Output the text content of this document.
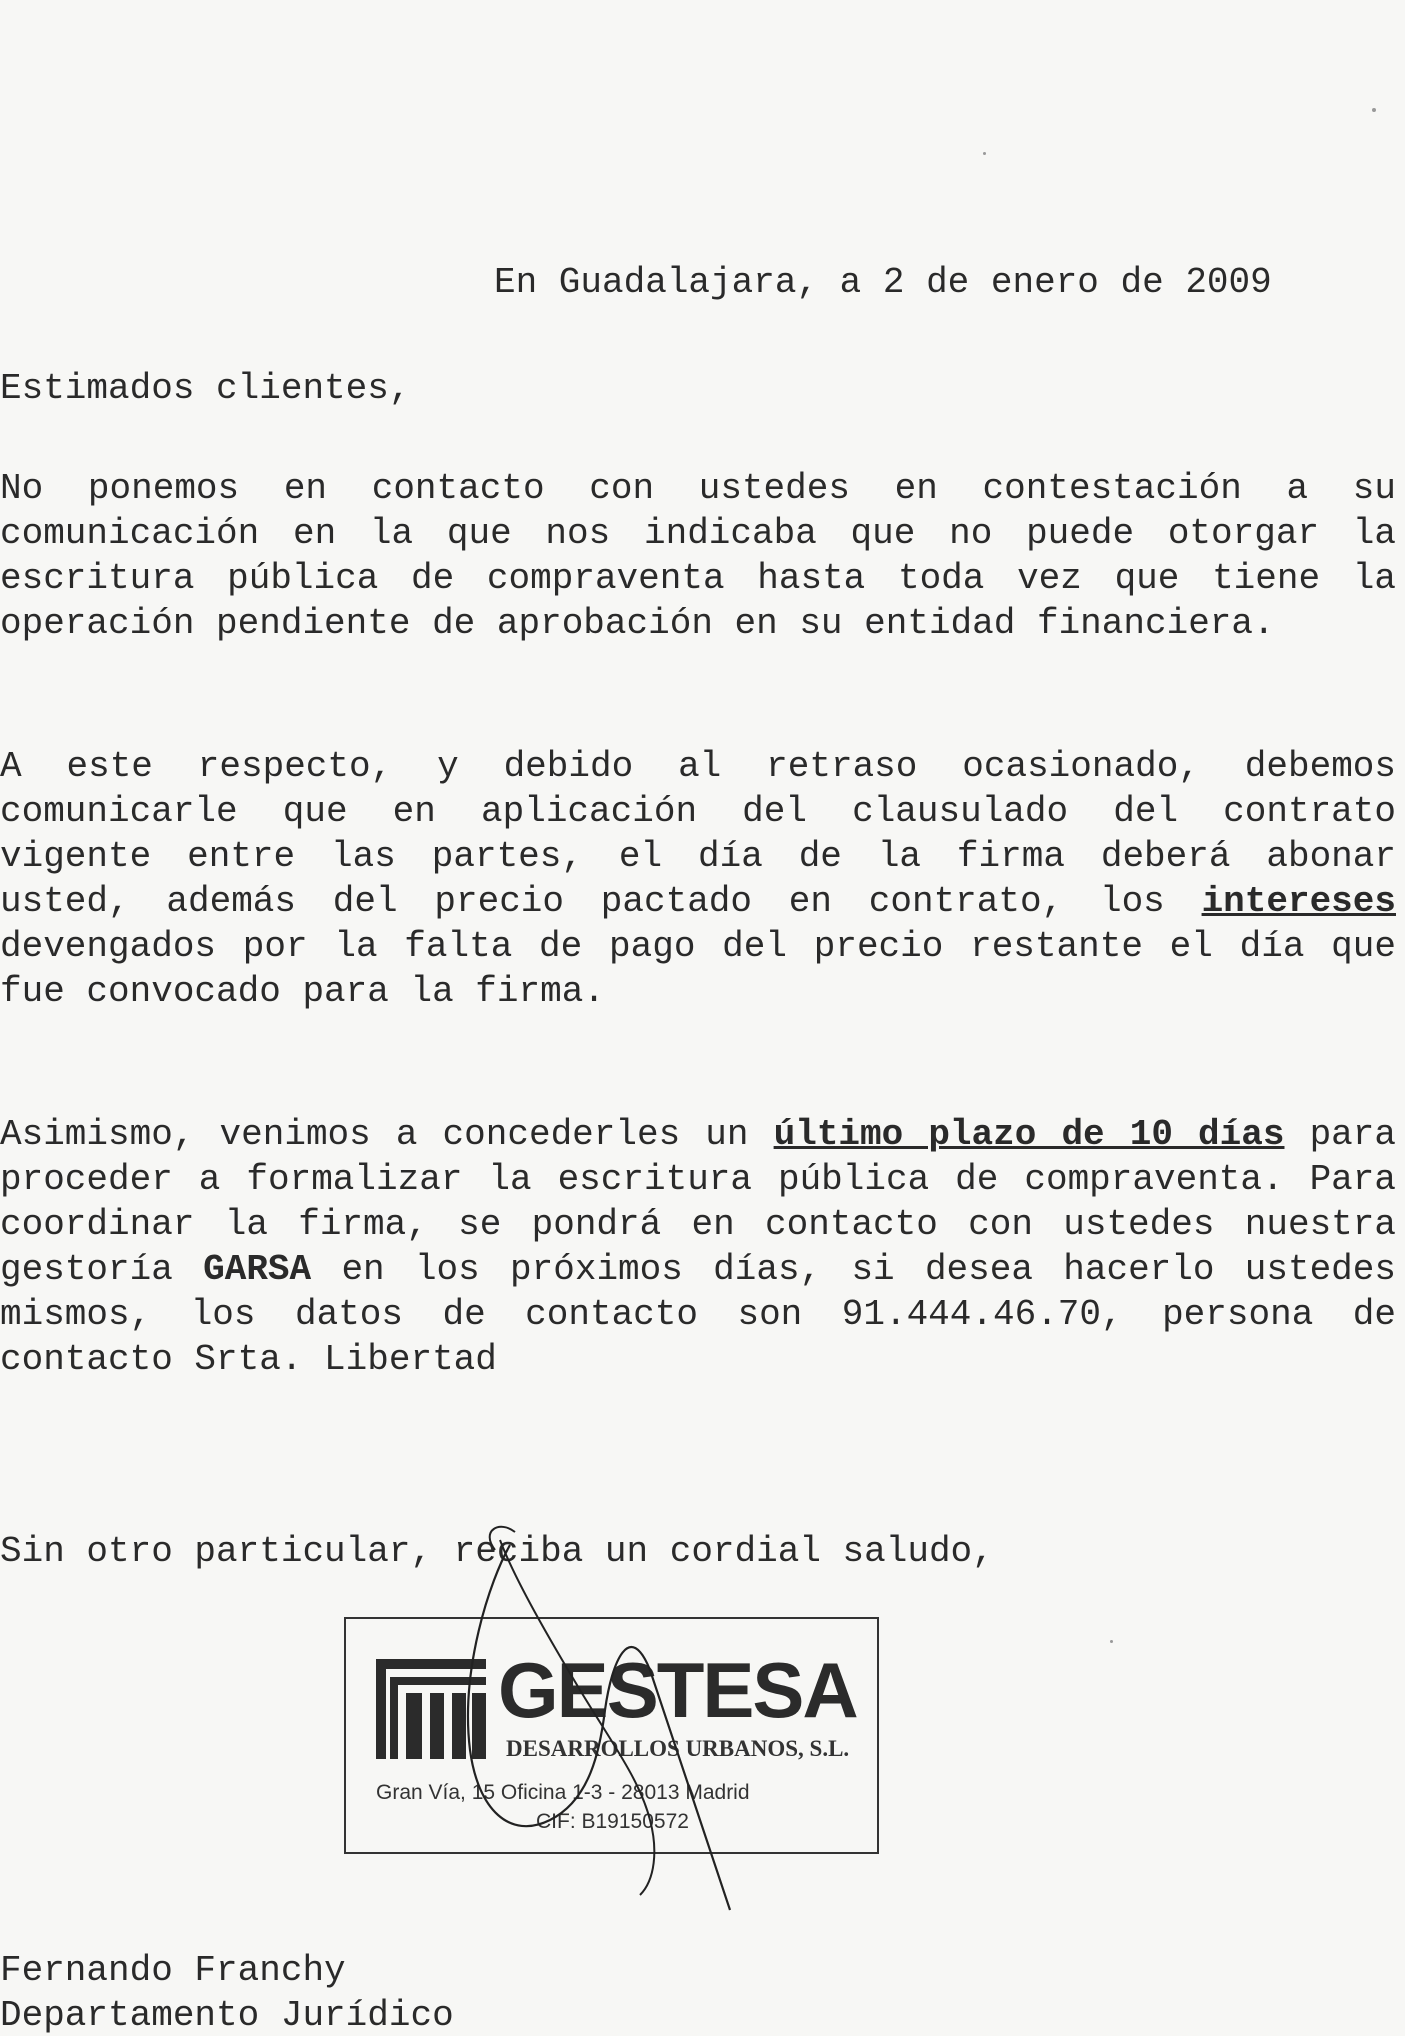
En Guadalajara, a 2 de enero de 2009
Estimados clientes,

No ponemos en contacto con ustedes en contestación a su comunicación en la que nos indicaba que no puede otorgar la escritura pública de compraventa hasta toda vez que tiene la operación pendiente de aprobación en su entidad financiera.

A este respecto, y debido al retraso ocasionado, debemos comunicarle que en aplicación del clausulado del contrato vigente entre las partes, el día de la firma deberá abonar usted, además del precio pactado en contrato, los intereses devengados por la falta de pago del precio restante el día que fue convocado para la firma.

Asimismo, venimos a concederles un último plazo de 10 días para proceder a formalizar la escritura pública de compraventa. Para coordinar la firma, se pondrá en contacto con ustedes nuestra gestoría GARSA en los próximos días, si desea hacerlo ustedes mismos, los datos de contacto son 91.444.46.70, persona de contacto Srta. Libertad

Sin otro particular, reciba un cordial saludo,
GESTESA
DESARROLLOS URBANOS, S.L.
Gran Vía, 15 Oficina 1-3 - 28013 Madrid
CIF: B19150572
Fernando Franchy
Departamento Jurídico
